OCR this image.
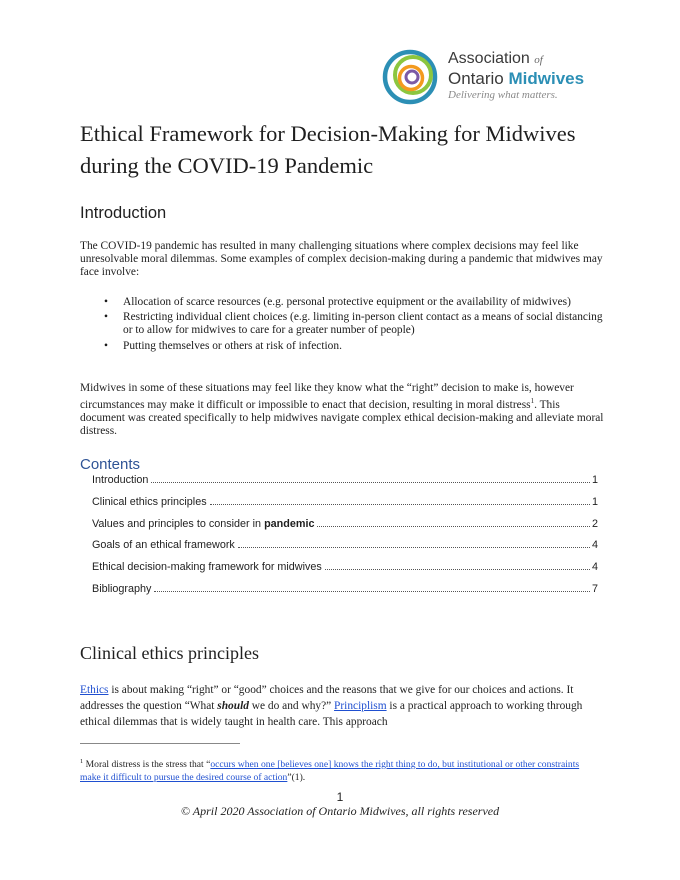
Association of
Ontario Midwives
Delivering what matters.
Ethical Framework for Decision-Making for Midwives during the COVID-19 Pandemic
Introduction
The COVID-19 pandemic has resulted in many challenging situations where complex decisions may feel like unresolvable moral dilemmas. Some examples of complex decision-making during a pandemic that midwives may face involve:
• Allocation of scarce resources (e.g. personal protective equipment or the availability of midwives)
• Restricting individual client choices (e.g. limiting in-person client contact as a means of social distancing or to allow for midwives to care for a greater number of people)
• Putting themselves or others at risk of infection.
Midwives in some of these situations may feel like they know what the “right” decision to make is, however circumstances may make it difficult or impossible to enact that decision, resulting in moral distress$^1$. This document was created specifically to help midwives navigate complex ethical decision-making and alleviate moral distress.
Contents
Introduction	1
Clinical ethics principles	1
Values and principles to consider in pandemic	2
Goals of an ethical framework	4
Ethical decision-making framework for midwives	4
Bibliography	7
Clinical ethics principles
Ethics is about making “right” or “good” choices and the reasons that we give for our choices and actions. It addresses the question “What should we do and why?” Principlism is a practical approach to working through ethical dilemmas that is widely taught in health care. This approach
$^1$ Moral distress is the stress that “occurs when one [believes one] knows the right thing to do, but institutional or other constraints make it difficult to pursue the desired course of action”(1).
1
© April 2020 Association of Ontario Midwives, all rights reserved
